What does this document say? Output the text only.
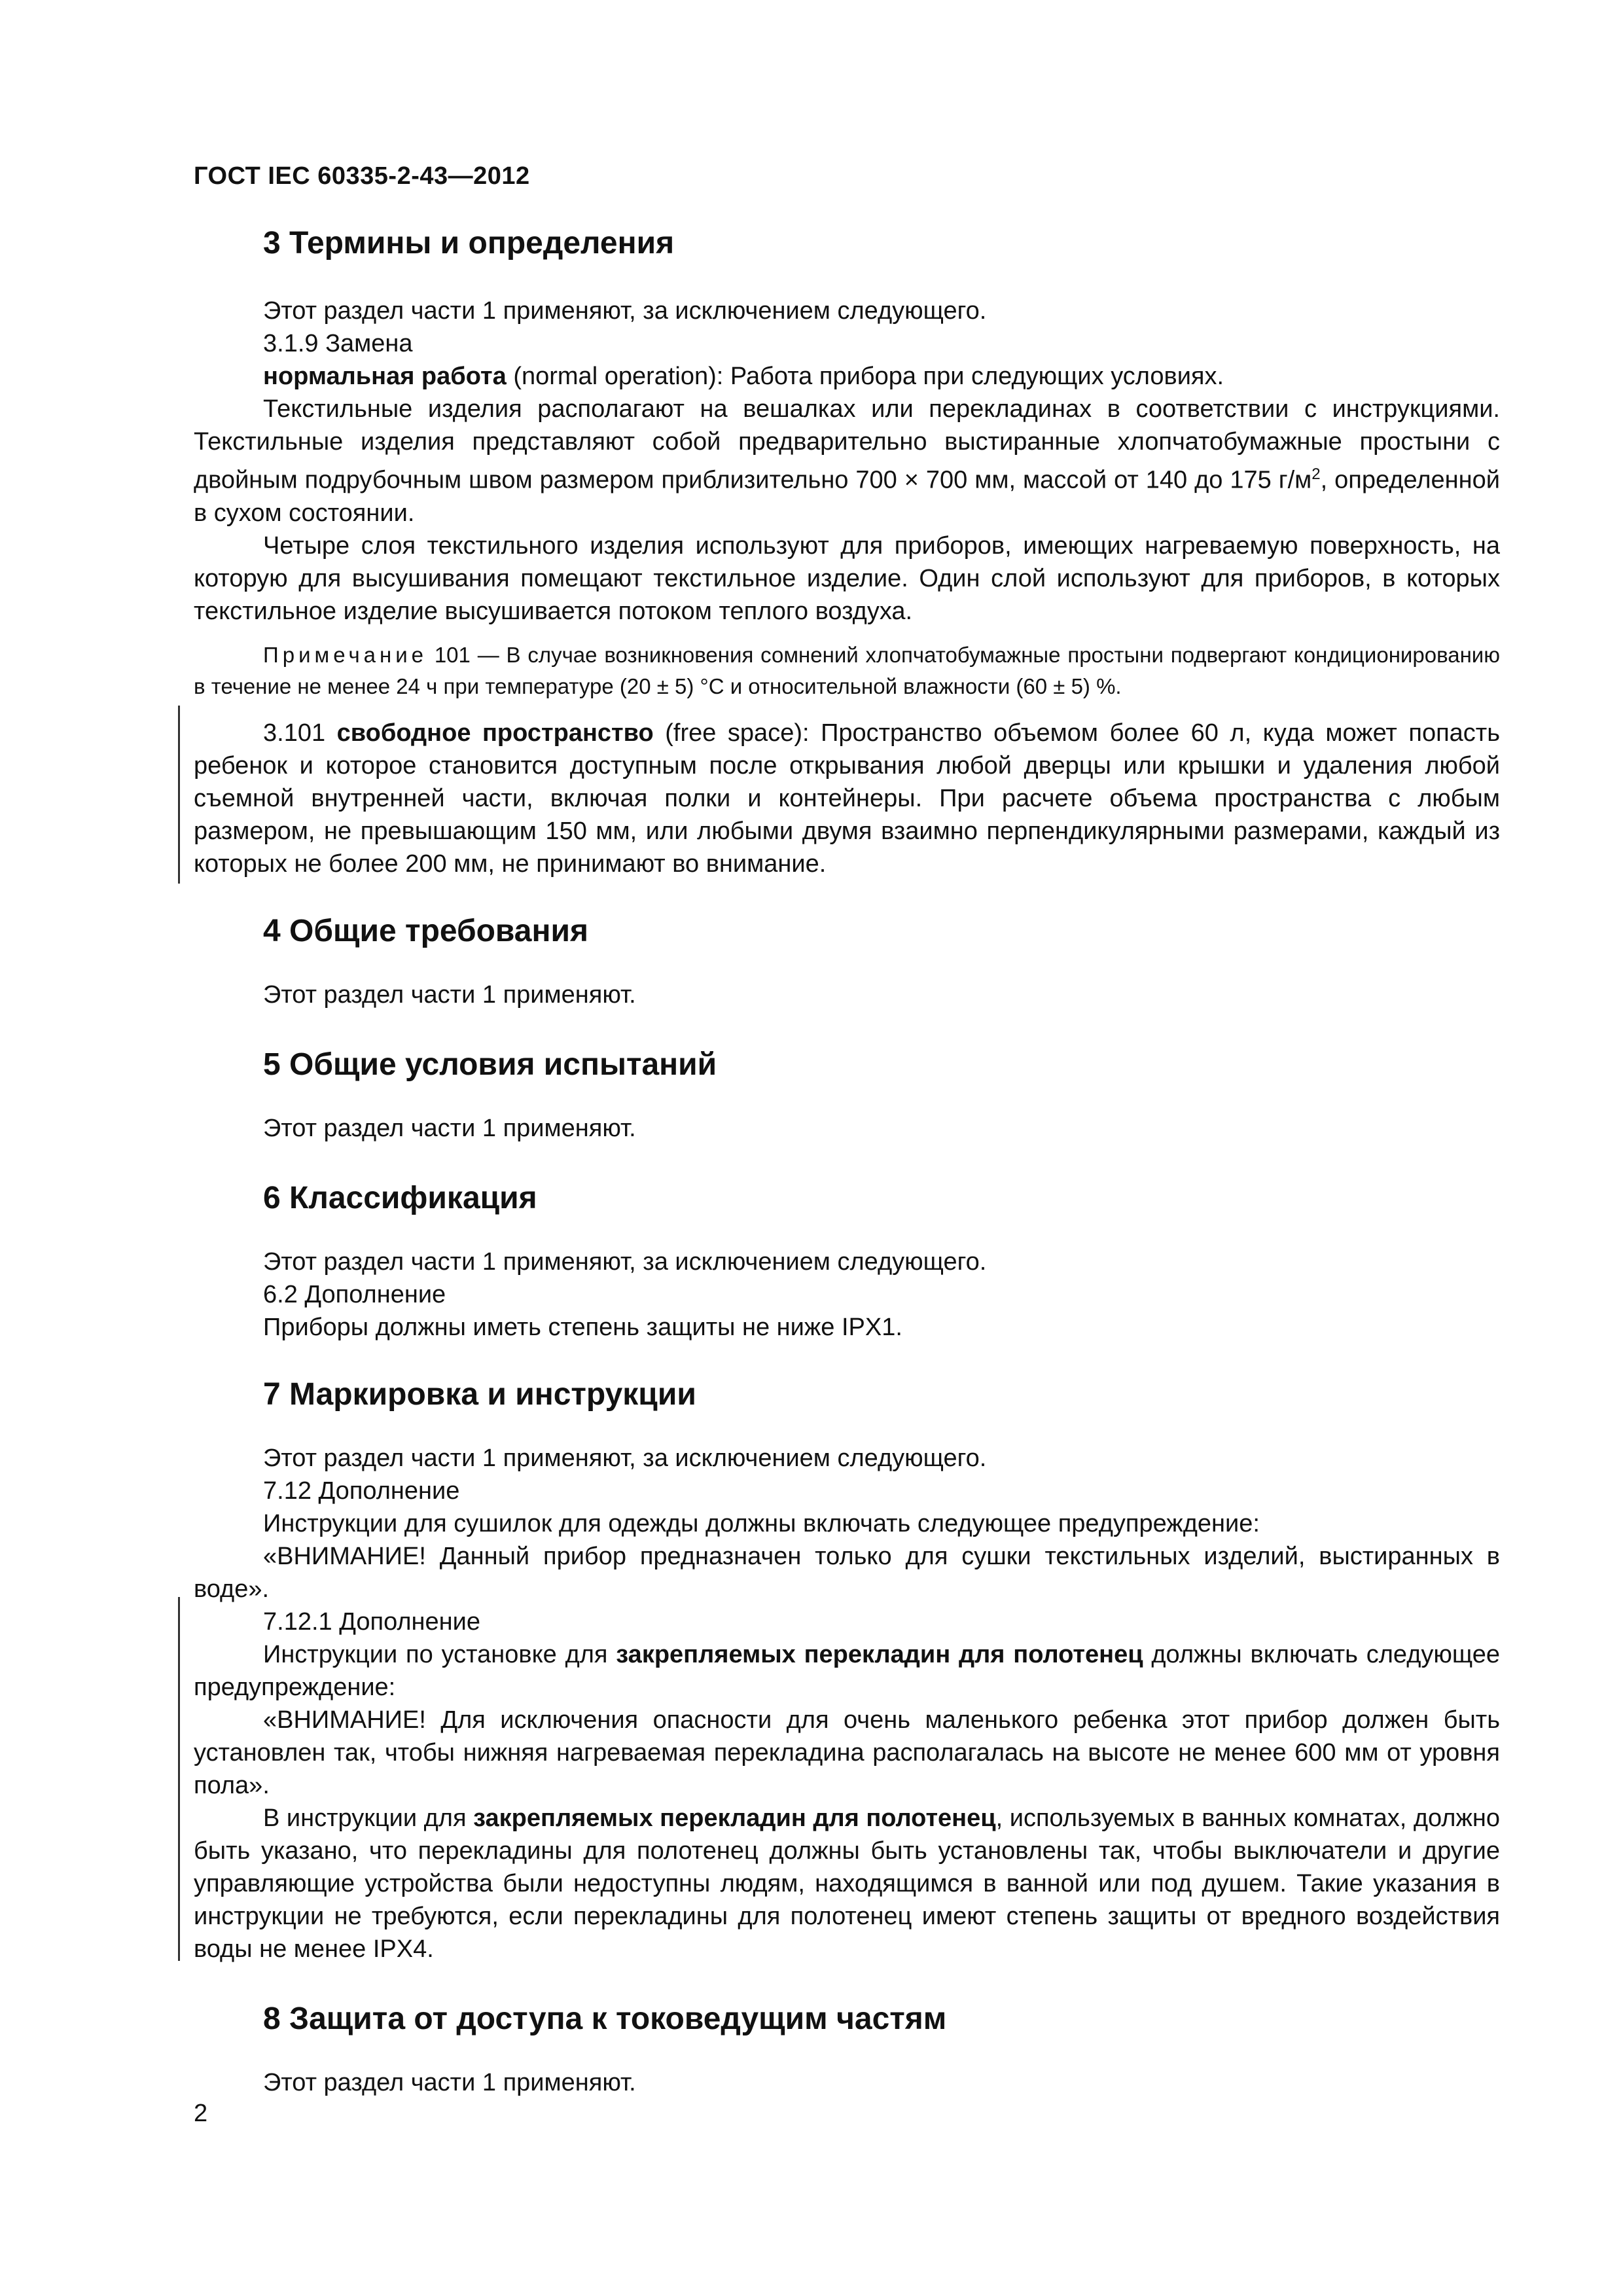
ГОСТ IEC 60335-2-43—2012
3 Термины и определения

Этот раздел части 1 применяют, за исключением следующего.

3.1.9 Замена

нормальная работа (normal operation): Работа прибора при следующих условиях.

Текстильные изделия располагают на вешалках или перекладинах в соответствии с инструкциями. Текстильные изделия представляют собой предварительно выстиранные хлопчатобумажные простыни с двойным подрубочным швом размером приблизительно 700 × 700 мм, массой от 140 до 175 $г/м^2$, определенной в сухом состоянии.

Четыре слоя текстильного изделия используют для приборов, имеющих нагреваемую поверхность, на которую для высушивания помещают текстильное изделие. Один слой используют для приборов, в которых текстильное изделие высушивается потоком теплого воздуха.

Примечание 101 — В случае возникновения сомнений хлопчатобумажные простыни подвергают кондиционированию в течение не менее 24 ч при температуре (20 ± 5) °С и относительной влажности (60 ± 5) %.

3.101 свободное пространство (free space): Пространство объемом более 60 л, куда может попасть ребенок и которое становится доступным после открывания любой дверцы или крышки и удаления любой съемной внутренней части, включая полки и контейнеры. При расчете объема пространства с любым размером, не превышающим 150 мм, или любыми двумя взаимно перпендикулярными размерами, каждый из которых не более 200 мм, не принимают во внимание.

4 Общие требования

Этот раздел части 1 применяют.

5 Общие условия испытаний

Этот раздел части 1 применяют.

6 Классификация

Этот раздел части 1 применяют, за исключением следующего.

6.2 Дополнение

Приборы должны иметь степень защиты не ниже IPX1.

7 Маркировка и инструкции

Этот раздел части 1 применяют, за исключением следующего.

7.12 Дополнение

Инструкции для сушилок для одежды должны включать следующее предупреждение:

«ВНИМАНИЕ! Данный прибор предназначен только для сушки текстильных изделий, выстиранных в воде».

7.12.1 Дополнение

Инструкции по установке для закрепляемых перекладин для полотенец должны включать следующее предупреждение:

«ВНИМАНИЕ! Для исключения опасности для очень маленького ребенка этот прибор должен быть установлен так, чтобы нижняя нагреваемая перекладина располагалась на высоте не менее 600 мм от уровня пола».

В инструкции для закрепляемых перекладин для полотенец, используемых в ванных комнатах, должно быть указано, что перекладины для полотенец должны быть установлены так, чтобы выключатели и другие управляющие устройства были недоступны людям, находящимся в ванной или под душем. Такие указания в инструкции не требуются, если перекладины для полотенец имеют степень защиты от вредного воздействия воды не менее IPX4.

8 Защита от доступа к токоведущим частям

Этот раздел части 1 применяют.

2
